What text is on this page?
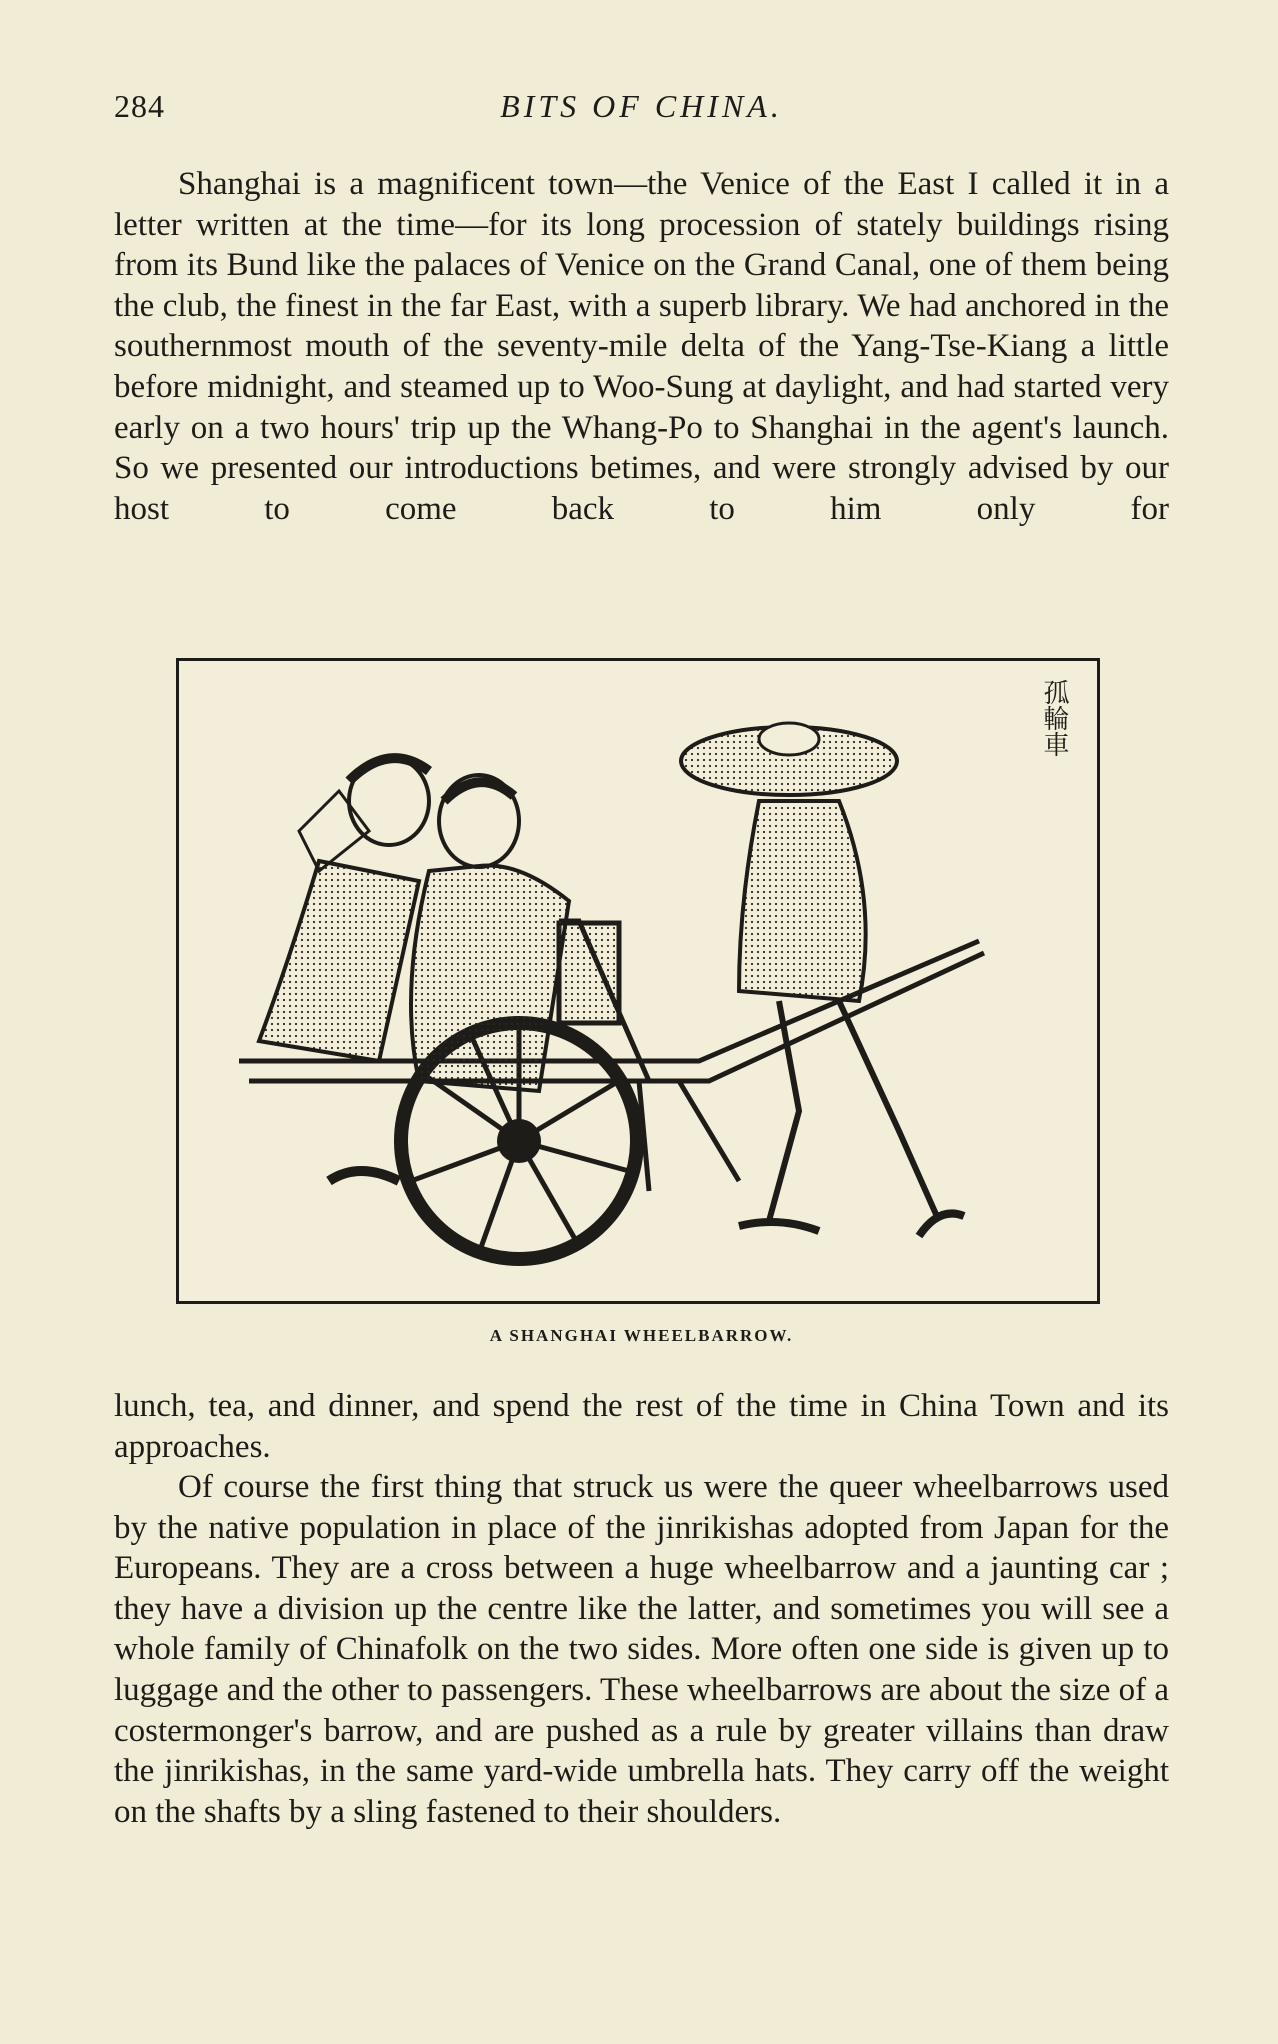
284	BITS OF CHINA.

Shanghai is a magnificent town—the Venice of the East I called it in a letter written at the time—for its long procession of stately buildings rising from its Bund like the palaces of Venice on the Grand Canal, one of them being the club, the finest in the far East, with a superb library. We had anchored in the southernmost mouth of the seventy-mile delta of the Yang-Tse-Kiang a little before midnight, and steamed up to Woo-Sung at daylight, and had started very early on a two hours' trip up the Whang-Po to Shanghai in the agent's launch. So we presented our introductions betimes, and were strongly advised by our host to come back to him only for

孤輪車
A SHANGHAI WHEELBARROW.

lunch, tea, and dinner, and spend the rest of the time in China Town and its approaches.

Of course the first thing that struck us were the queer wheelbarrows used by the native population in place of the jinrikishas adopted from Japan for the Europeans. They are a cross between a huge wheelbarrow and a jaunting car ; they have a division up the centre like the latter, and sometimes you will see a whole family of Chinafolk on the two sides. More often one side is given up to luggage and the other to passengers. These wheelbarrows are about the size of a costermonger's barrow, and are pushed as a rule by greater villains than draw the jinrikishas, in the same yard-wide umbrella hats. They carry off the weight on the shafts by a sling fastened to their shoulders.
